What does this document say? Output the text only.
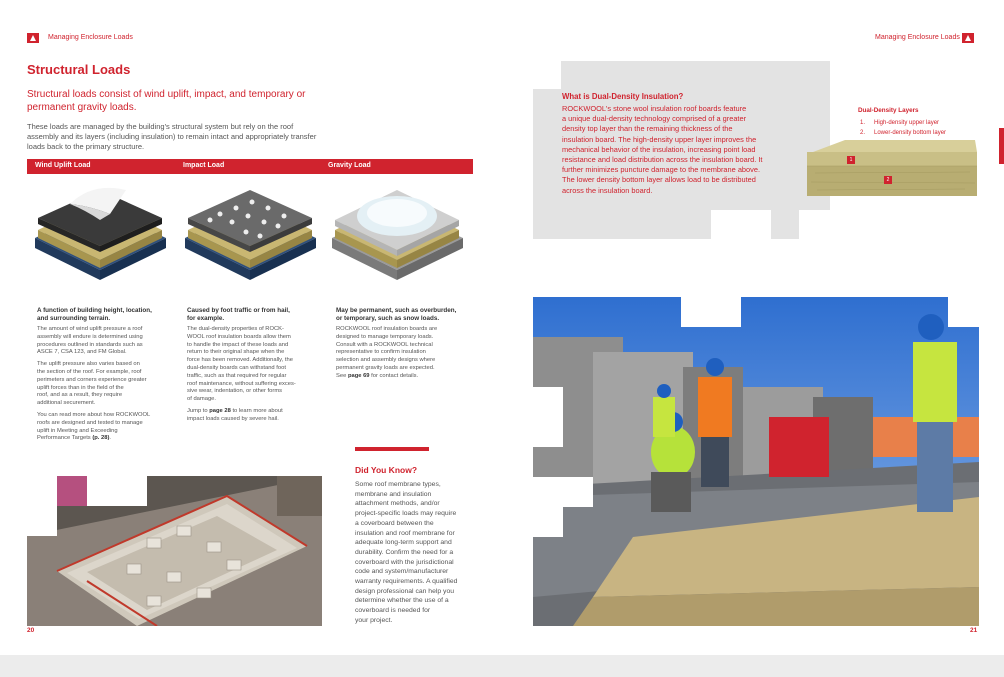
Managing Enclosure Loads
Structural Loads
Structural loads consist of wind uplift, impact, and temporary or
permanent gravity loads.
These loads are managed by the building's structural system but rely on the roof
assembly and its layers (including insulation) to remain intact and appropriately transfer
loads back to the primary structure.
Wind Uplift Load	Impact Load	Gravity Load
A function of building height, location,
and surrounding terrain.
The amount of wind uplift pressure a roof
assembly will endure is determined using
procedures outlined in standards such as
ASCE 7, CSA 123, and FM Global.
The uplift pressure also varies based on
the section of the roof. For example, roof
perimeters and corners experience greater
uplift forces than in the field of the
roof, and as a result, they require
additional securement.
You can read more about how ROCKWOOL
roofs are designed and tested to manage
uplift in Meeting and Exceeding
Performance Targets (p. 28).
Caused by foot traffic or from hail,
for example.
The dual-density properties of ROCK-
WOOL roof insulation boards allow them
to handle the impact of these loads and
return to their original shape when the
force has been removed. Additionally, the
dual-density boards can withstand foot
traffic, such as that required for regular
roof maintenance, without suffering exces-
sive wear, indentation, or other forms
of damage.
Jump to page 28 to learn more about
impact loads caused by severe hail.
May be permanent, such as overburden,
or temporary, such as snow loads.
ROCKWOOL roof insulation boards are
designed to manage temporary loads.
Consult with a ROCKWOOL technical
representative to confirm insulation
selection and assembly designs where
permanent gravity loads are expected.
See page 69 for contact details.
Did You Know?
Some roof membrane types,
membrane and insulation
attachment methods, and/or
project-specific loads may require
a coverboard between the
insulation and roof membrane for
adequate long-term support and
durability. Confirm the need for a
coverboard with the jurisdictional
code and system/manufacturer
warranty requirements. A qualified
design professional can help you
determine whether the use of a
coverboard is needed for
your project.
20
Managing Enclosure Loads
What is Dual-Density Insulation?
ROCKWOOL's stone wool insulation roof boards feature
a unique dual-density technology comprised of a greater
density top layer than the remaining thickness of the
insulation board. The high-density upper layer improves the
mechanical behavior of the insulation, increasing point load
resistance and load distribution across the insulation board. It
further minimizes puncture damage to the membrane above.
The lower density bottom layer allows load to be distributed
across the insulation board.
Dual-Density Layers
1. High-density upper layer
2. Lower-density bottom layer
1
2
21
